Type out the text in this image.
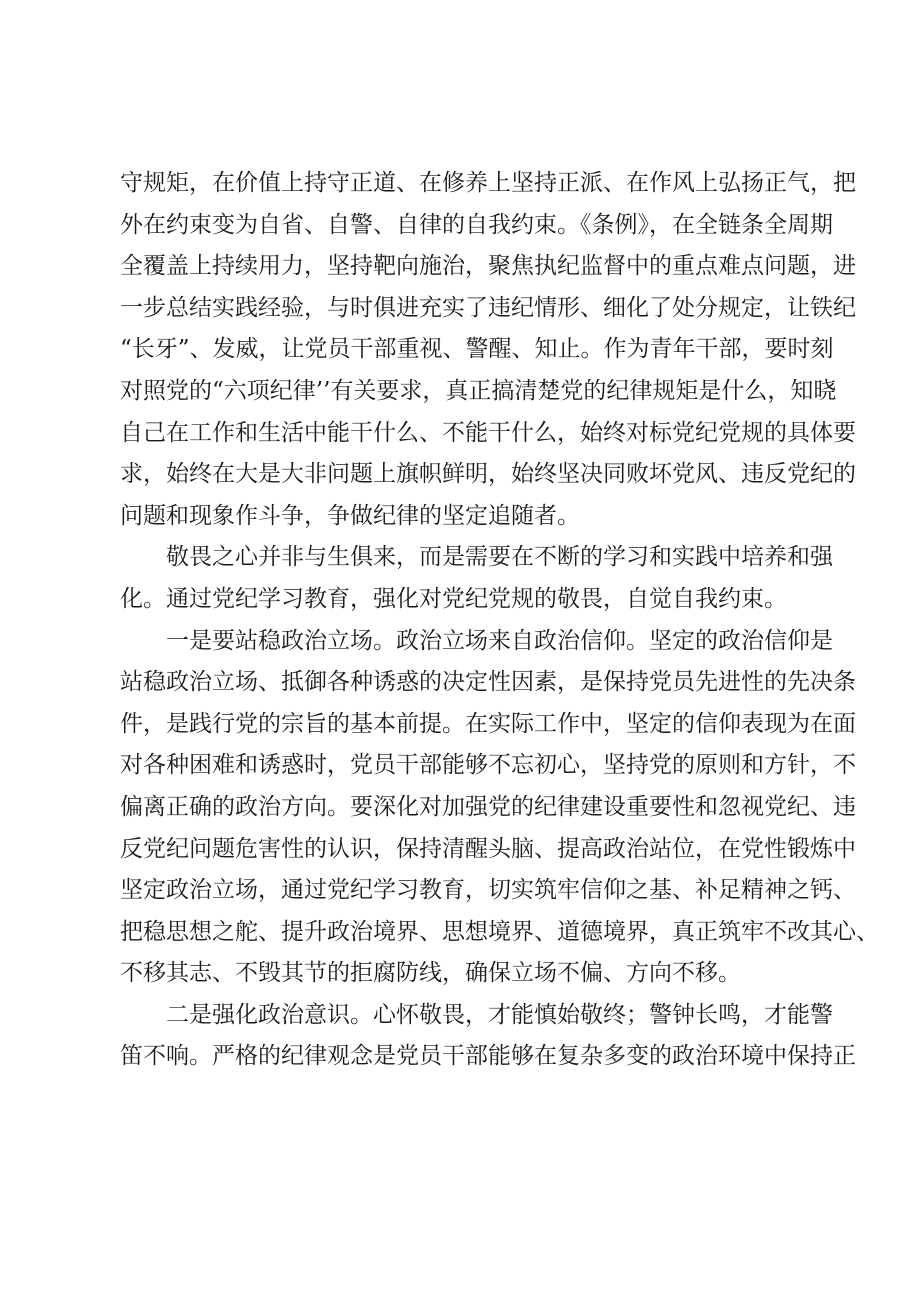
守规矩，在价值上持守正道、在修养上坚持正派、在作风上弘扬正气，把
外在约束变为自省、自警、自律的自我约束。《条例》，在全链条全周期
全覆盖上持续用力，坚持靶向施治，聚焦执纪监督中的重点难点问题，进
一步总结实践经验，与时俱进充实了违纪情形、细化了处分规定，让铁纪
“长牙”、发威，让党员干部重视、警醒、知止。作为青年干部，要时刻
对照党的“六项纪律’’有关要求，真正搞清楚党的纪律规矩是什么，知晓
自己在工作和生活中能干什么、不能干什么，始终对标党纪党规的具体要
求，始终在大是大非问题上旗帜鲜明，始终坚决同败坏党风、违反党纪的
问题和现象作斗争，争做纪律的坚定追随者。

敬畏之心并非与生俱来，而是需要在不断的学习和实践中培养和强
化。通过党纪学习教育，强化对党纪党规的敬畏，自觉自我约束。

一是要站稳政治立场。政治立场来自政治信仰。坚定的政治信仰是
站稳政治立场、抵御各种诱惑的决定性因素，是保持党员先进性的先决条
件，是践行党的宗旨的基本前提。在实际工作中，坚定的信仰表现为在面
对各种困难和诱惑时，党员干部能够不忘初心，坚持党的原则和方针，不
偏离正确的政治方向。要深化对加强党的纪律建设重要性和忽视党纪、违
反党纪问题危害性的认识，保持清醒头脑、提高政治站位，在党性锻炼中
坚定政治立场，通过党纪学习教育，切实筑牢信仰之基、补足精神之钙、
把稳思想之舵、提升政治境界、思想境界、道德境界，真正筑牢不改其心、
不移其志、不毁其节的拒腐防线，确保立场不偏、方向不移。

二是强化政治意识。心怀敬畏，才能慎始敬终；警钟长鸣，才能警
笛不响。严格的纪律观念是党员干部能够在复杂多变的政治环境中保持正
